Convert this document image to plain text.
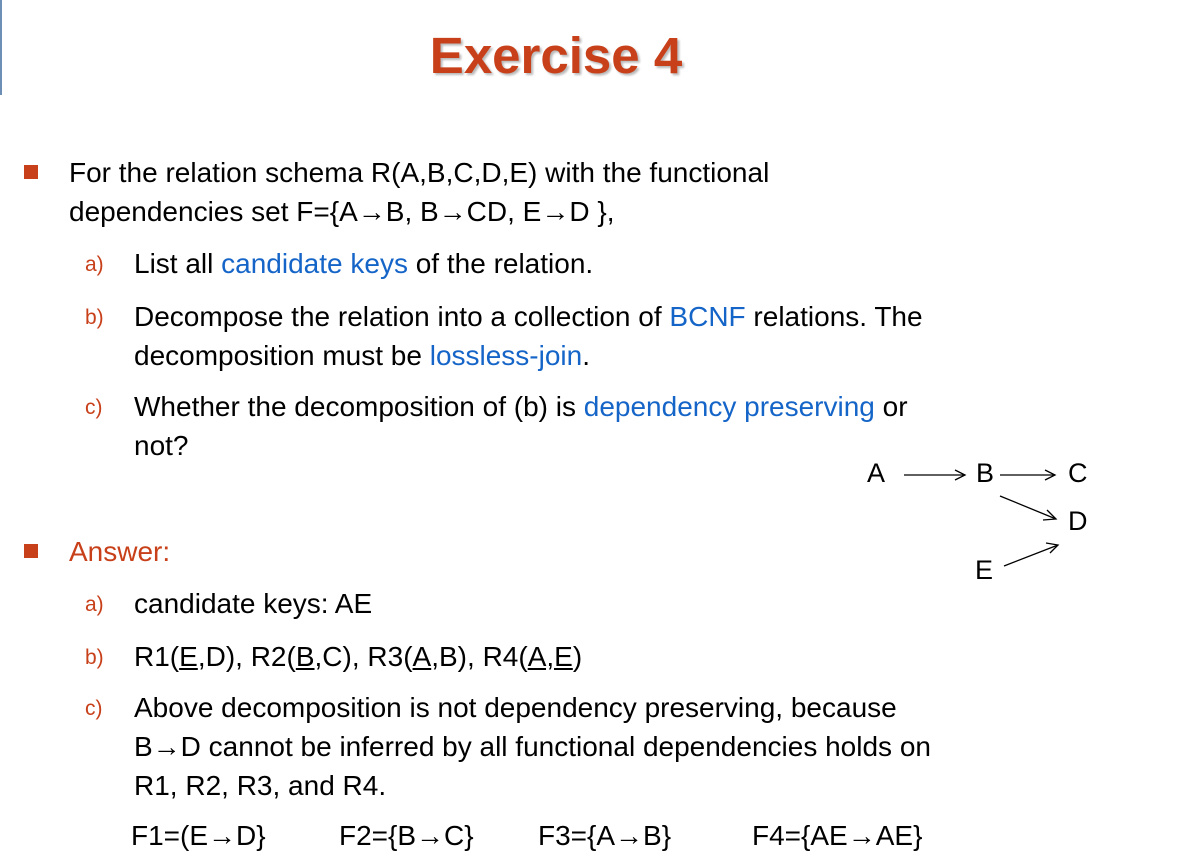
Exercise 4
For the relation schema R(A,B,C,D,E) with the functional
dependencies set F={A→B, B→CD, E→D },
a) List all candidate keys of the relation.
b) Decompose the relation into a collection of BCNF relations. The
decomposition must be lossless-join.
c) Whether the decomposition of (b) is dependency preserving or
not?
A	B	C
D
E
Answer:
a) candidate keys: AE
b) R1(E,D), R2(B,C), R3(A,B), R4(A,E)
c) Above decomposition is not dependency preserving, because
B→D cannot be inferred by all functional dependencies holds on
R1, R2, R3, and R4.
F1=(E→D}	F2={B→C} F3={A→B}	F4={AE→AE}
